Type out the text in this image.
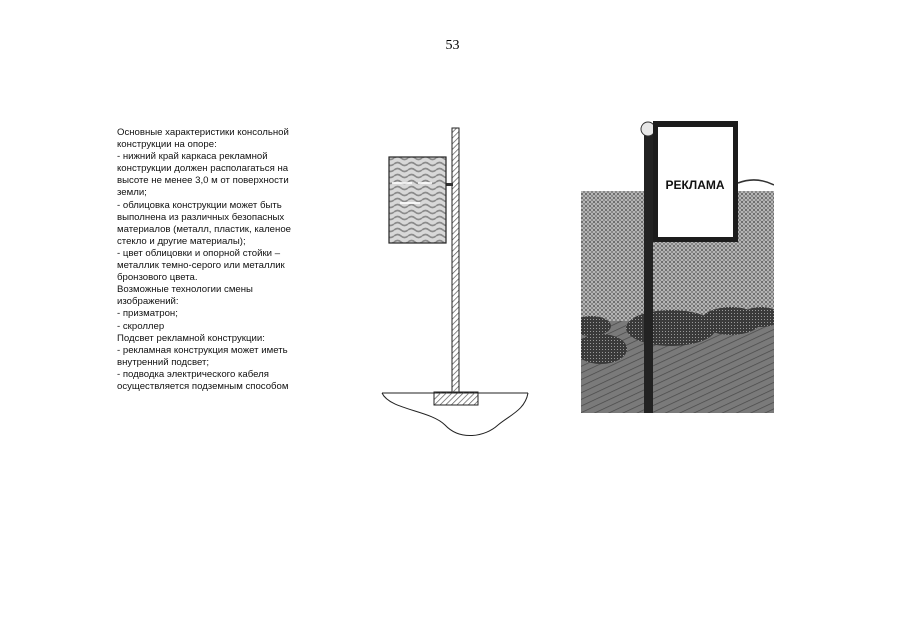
53
Основные характеристики консольной
конструкции на опоре:
- нижний край каркаса рекламной
конструкции должен располагаться на
высоте не менее 3,0 м от поверхности
земли;
- облицовка конструкции может быть
выполнена из различных безопасных
материалов (металл, пластик, каленое
стекло и другие материалы);
- цвет облицовки и опорной стойки –
металлик темно-серого или металлик
бронзового цвета.
Возможные технологии смены
изображений:
- призматрон;
- скроллер
Подсвет рекламной конструкции:
- рекламная конструкция может иметь
внутренний подсвет;
- подводка электрического кабеля
осуществляется подземным способом
РЕКЛАМА
